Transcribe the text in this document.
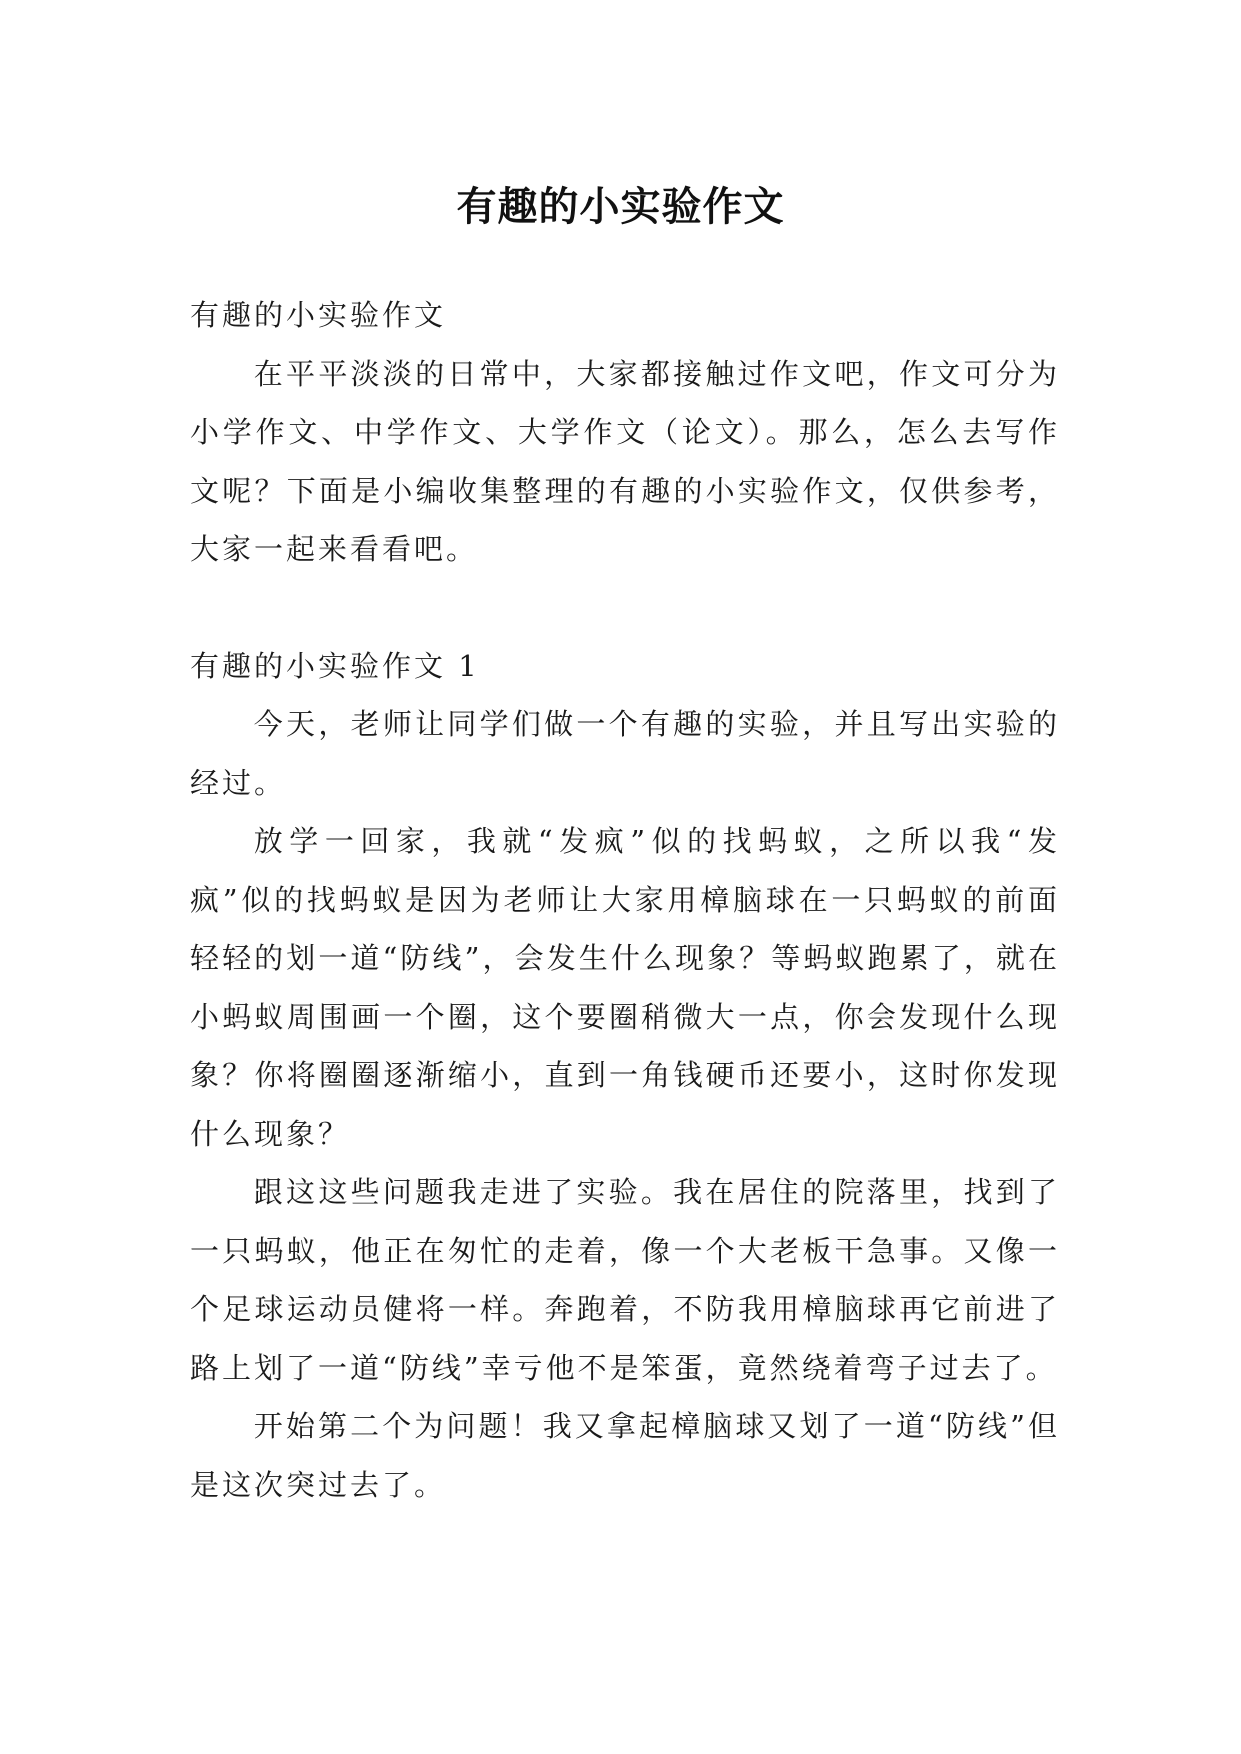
有趣的小实验作文

有趣的小实验作文

在平平淡淡的日常中，大家都接触过作文吧，作文可分为小学作文、中学作文、大学作文（论文）。那么，怎么去写作文呢？下面是小编收集整理的有趣的小实验作文，仅供参考，大家一起来看看吧。

有趣的小实验作文 1

今天，老师让同学们做一个有趣的实验，并且写出实验的经过。

放学一回家，我就“发疯”似的找蚂蚁，之所以我“发疯”似的找蚂蚁是因为老师让大家用樟脑球在一只蚂蚁的前面轻轻的划一道“防线”，会发生什么现象？等蚂蚁跑累了，就在小蚂蚁周围画一个圈，这个要圈稍微大一点，你会发现什么现象？你将圈圈逐渐缩小，直到一角钱硬币还要小，这时你发现什么现象？

跟这这些问题我走进了实验。我在居住的院落里，找到了一只蚂蚁，他正在匆忙的走着，像一个大老板干急事。又像一个足球运动员健将一样。奔跑着，不防我用樟脑球再它前进了路上划了一道“防线”幸亏他不是笨蛋，竟然绕着弯子过去了。

开始第二个为问题！我又拿起樟脑球又划了一道“防线”但是这次突过去了。
